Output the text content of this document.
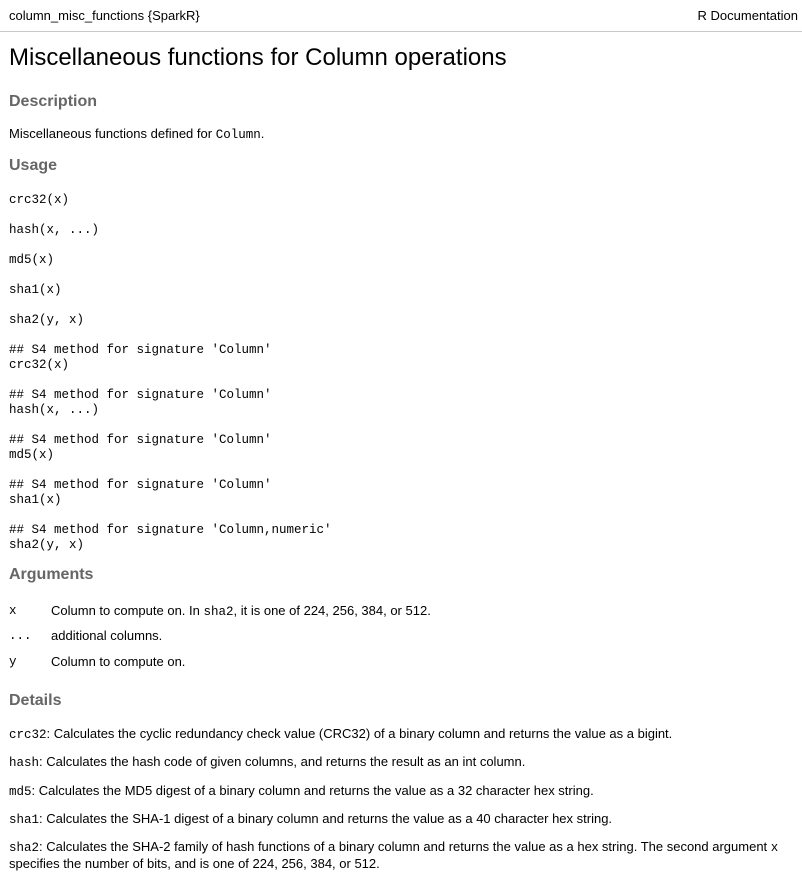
column_misc_functions {SparkR}	R Documentation
Miscellaneous functions for Column operations
Description

Miscellaneous functions defined for Column.

Usage
crc32(x)
hash(x, ...)
md5(x)
sha1(x)
sha2(y, x)
## S4 method for signature 'Column'
crc32(x)
## S4 method for signature 'Column'
hash(x, ...)
## S4 method for signature 'Column'
md5(x)
## S4 method for signature 'Column'
sha1(x)
## S4 method for signature 'Column,numeric'
sha2(y, x)
Arguments
x	Column to compute on. In sha2, it is one of 224, 256, 384, or 512.
...	additional columns.
y	Column to compute on.
Details

crc32: Calculates the cyclic redundancy check value (CRC32) of a binary column and returns the value as a bigint.

hash: Calculates the hash code of given columns, and returns the result as an int column.

md5: Calculates the MD5 digest of a binary column and returns the value as a 32 character hex string.

sha1: Calculates the SHA-1 digest of a binary column and returns the value as a 40 character hex string.

sha2: Calculates the SHA-2 family of hash functions of a binary column and returns the value as a hex string. The second argument x specifies the number of bits, and is one of 224, 256, 384, or 512.
